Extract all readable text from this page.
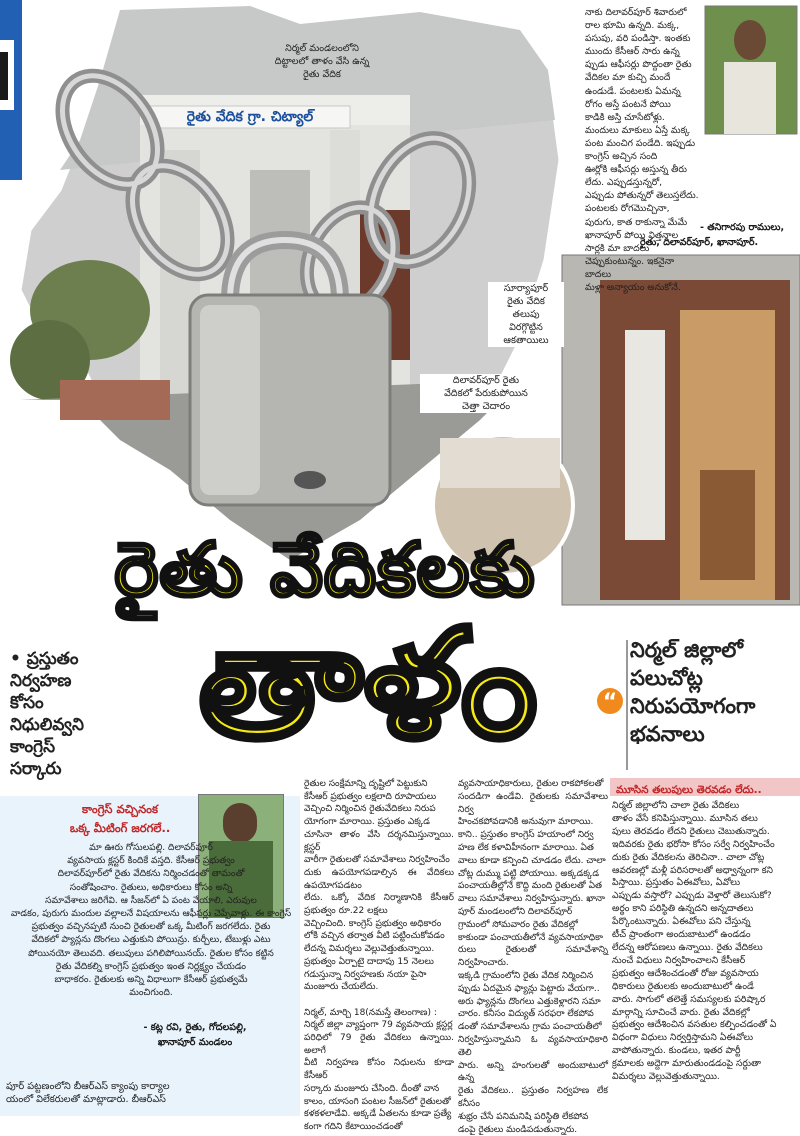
నిర్మల్ మండలంలోని
దిట్టాలలో తాళం వేసి ఉన్న
రైతు వేదిక
రైతు వేదిక గ్రా. చిట్యాల్
సూర్యాపూర్
రైతు వేదిక
తలుపు
విరగ్గొట్టిన
ఆకతాయిలు
దిలావర్‌పూర్ రైతు
వేదికలో పేరుకుపోయిన
చెత్తా చెదారం
నాకు దిలావర్‌పూర్ శివారులో
రాల భూమి ఉన్నది. మక్క,
పసుపు, వరి పండిస్తా. ఇంతకు
ముందు కేసీఆర్ సారు ఉన్న
ప్పుడు ఆఫీసర్లు పొద్దంతా రైతు
వేదికల మా కుచ్చి మందే
ఉండుడే. పంటలకు ఏమన్న
రోగం అస్తే పంటనే పోయి
కాడికి అస్తి చూసేటోళ్లు.
మందులు మాకులు ఏస్తే మక్క
పంట మంచిగ పండేది. ఇప్పుడు కాంగ్రెస్ అచ్చిన సంది
ఊర్లోకి ఆఫీసర్లు అస్తున్న తీరు లేదు. ఎప్పుడస్తున్నరో,
ఎప్పుడు పోతున్నరో తెలుస్తలేదు. పంటలకు రోగమొచ్చినా,
పురుగు, కాత రాకున్నా మేమే ఖానాపూర్ పోయి విత్తనాల
సార్లకి మా బాదలు చెప్పుకుంటున్నం. ఇకనైనా బాదలు
మళ్లా అన్యాయం అనుకోనే.
- తనిగారపు రాములు,
రైతు, దిలావర్‌పూర్, ఖానాపూర్.
రైతు వేదికలకు
తాళం
• ప్రస్తుతం
నిర్వహణ
కోసం
నిధులివ్వని
కాంగ్రెస్
సర్కారు
“
నిర్మల్ జిల్లాలో
పలుచోట్ల
నిరుపయోగంగా
భవనాలు
మూసిన తలుపులు తెరవడం లేదు..
కాంగ్రెస్ వచ్చినంక
ఒక్క మీటింగ్ జరగలే..
మా ఊరు గోసులపల్లి. దిలావర్‌పూర్
వ్యవసాయ క్లస్టర్ కిందికే వస్తది. కేసీఆర్ ప్రభుత్వం
దిలావర్‌పూర్‌లో రైతు వేదికను నిర్మించడంతో తామంతో
సంతోషించాం. రైతులు, అధికారులు కోసం అన్ని
సమావేశాలు జరిగేవి. ఆ సీజన్‌లో ఏ పంట వేయాలి, ఎరువుల
వాడకం, పురుగు మందుల వల్లాలనే విషయాలను ఆఫీసర్లు చెప్పేవాళ్లు. ఈ కాంగ్రెస్
ప్రభుత్వం వచ్చినప్పటి నుంచి రైతులతో ఒక్క మీటింగ్ జరగలేదు. రైతు
వేదికలో ప్యాన్లను దొంగలు ఎత్తుకుని పోయిన్రు. కుర్చీలు, టేబుళ్లు ఎటు
పోయినయో తెలువది. తలుపులు పగిలిపోయినయ్. రైతుల కోసం కట్టిన
రైతు వేదికల్ని కాంగ్రెస్ ప్రభుత్వం ఇంత నిర్లక్ష్యం చేయడం
బాధాకరం. రైతులకు అన్ని విధాలుగా కేసీఆర్ ప్రభుత్వమే
మంచిగుంది.
- కట్ల రవి, రైతు, గోదలపల్లి,
ఖానాపూర్ మండలం
పూర్ పట్టణంలోని బీఆర్ఎస్ క్యాంపు కార్యాల
యంలో విలేకరులతో మాట్లాడారు. బీఆర్ఎస్
రైతుల సంక్షేమాన్ని దృష్టిలో పెట్టుకుని
కేసీఆర్ ప్రభుత్వం లక్షలాది రూపాయలు
వెచ్చించి నిర్మించిన రైతువేదికలు నిరుప
యోగంగా మారాయి. ప్రస్తుతం ఎక్కడ
చూసినా తాళం వేసి దర్శనమిస్తున్నాయి. క్లస్టర్
వారీగా రైతులతో సమావేశాలు నిర్వహించేం
దుకు ఉపయోగపడాల్సిన ఈ వేదికలు ఉపయోగపడటం
లేదు. ఒక్కో వేదిక నిర్మాణానికి కేసీఆర్ ప్రభుత్వం రూ.22 లక్షలు
వెచ్చించింది. కాంగ్రెస్ ప్రభుత్వం అధికారం
లోకి వచ్చిన తర్వాత వీటి పట్టించుకోవడం
లేదన్న విమర్శలు వెల్లువెత్తుతున్నాయి.
ప్రభుత్వం ఏర్పాటై దాదాపు 15 నెలలు
గడుస్తున్నా నిర్వహణకు నయా పైసా
మంజూరు చేయలేదు.

నిర్మల్, మార్చి 18(నమస్తే తెలంగాణ) :
నిర్మల్ జిల్లా వ్యాప్తంగా 79 వ్యవసాయ క్లస్టర్ల
పరిధిలో 79 రైతు వేదికలు ఉన్నాయి. అలాగే
వీటి నిర్వహణ కోసం నిధులను కూడా కేసీఆర్
సర్కారు మంజూరు చేసింది. దీంతో వాన
కాలం, యాసంగి పంటల సీజన్‌లో రైతులతో
కళకళలాడేవి. అక్కడే ఏతలను కూడా ప్రత్యే
కంగా గదిని కేటాయించడంతో
వ్యవసాయాధికారులు, రైతుల రాకపోకలతో
సందడిగా ఉండేవి. రైతులకు సమావేశాలు నిర్వ
హించకపోవడానికి అనువుగా మారాయి.
కాని.. ప్రస్తుతం కాంగ్రెస్ హయాంలో నిర్వ
హణ లేక కళావిహీనంగా మారాయి. ఏత
వాలు కూడా కన్పించి చూడడం లేదు. చాలా
చోట్ల దుమ్ము పట్టి పోయాయి. అక్కడక్కడ
పంచాయతీల్లోనే కొద్ది మంది రైతులతో ఏత
వాలు సమావేశాలు నిర్వహిస్తున్నారు. ఖానా
పూర్ మండలంలోని దిలావర్‌పూర్
గ్రామంలో సోమవారం రైతు వేదికల్లో
కాకుండా పంచాయతీలోనే వ్యవసాయాధికా
రులు రైతులతో సమావేశాన్ని నిర్వహించారు.
ఇక్కడి గ్రామంలోని రైతు వేదిక నిర్మించిన
ప్పుడు ఏదమైన ఫ్యాన్లు పెట్టారు వేయగా..
అరు ఫ్యాన్లను దొంగలు ఎత్తుకెళ్లారని సమా
చారం. కనీసం విద్యుత్ సరఫరా లేకపోవ
డంతో సమావేశాలను గ్రామ పంచాయతీలో
నిర్వహిస్తున్నామని ఓ వ్యవసాయాధికారి తెలి
పారు. అన్ని హంగులతో అందుబాటులో ఉన్న
రైతు వేదికలు.. ప్రస్తుతం నిర్వహణ లేక కనీసం
శుభ్రం చేసే పనిమనిషి పరిస్థితి లేకపోవ
డంపై రైతులు మండిపడుతున్నారు.
నిర్మల్ జిల్లాలోని చాలా రైతు వేదికలు
తాళం వేసే కనిపిస్తున్నాయి. మూసిన తలు
పులు తెరవడం లేదని రైతులు చెబుతున్నారు.
ఇదివరకు రైతు భరోసా కోసం సర్వే నిర్వహించేం
దుకు రైతు వేదికలను తెరిచినా.. చాలా చోట్ల
ఆవరణల్లో మళ్లీ పరిసరాలతో అధ్వాన్నంగా కని
పిస్తాయి. ప్రస్తుతం ఏఈవోలు, ఏవోలు
ఎప్పుడు వస్తారో? ఎప్పుడు వెళ్తారో తెలుసుకో?
అర్థం కాని పరిస్థితి ఉన్నదని అన్నదాతలు
పేర్కొంటున్నారు. ఏఈవోలు పని చేస్తున్న
టీచ్ ప్రాంతంగా అందుబాటులో ఉండడం
లేదన్న ఆరోపణలు ఉన్నాయి. రైతు వేదికలు
నుంచే విధులు నిర్వహించాలని కేసీఆర్
ప్రభుత్వం ఆదేశించడంతో రోజు వ్యవసాయ
ధికారులు రైతులకు అందుబాటులో ఉండే
వారు. సాగులో తలెత్తే సమస్యలకు పరిష్కార
మార్గాన్ని సూచించే వారు. రైతు వేదికల్లో
ప్రభుత్వం ఆదేశించిన వసతుల కల్పించడంతో ఏ
విధంగా విధులు నిర్వర్తిస్తామని ఏఈవోలు
వాపోతున్నారు. కుండలు, ఇతర పార్టీ
క్రమాలకు అద్దెగా మారుతుండడంపై సర్దుతా
విమర్శలు వెల్లువెత్తుతున్నాయి.
